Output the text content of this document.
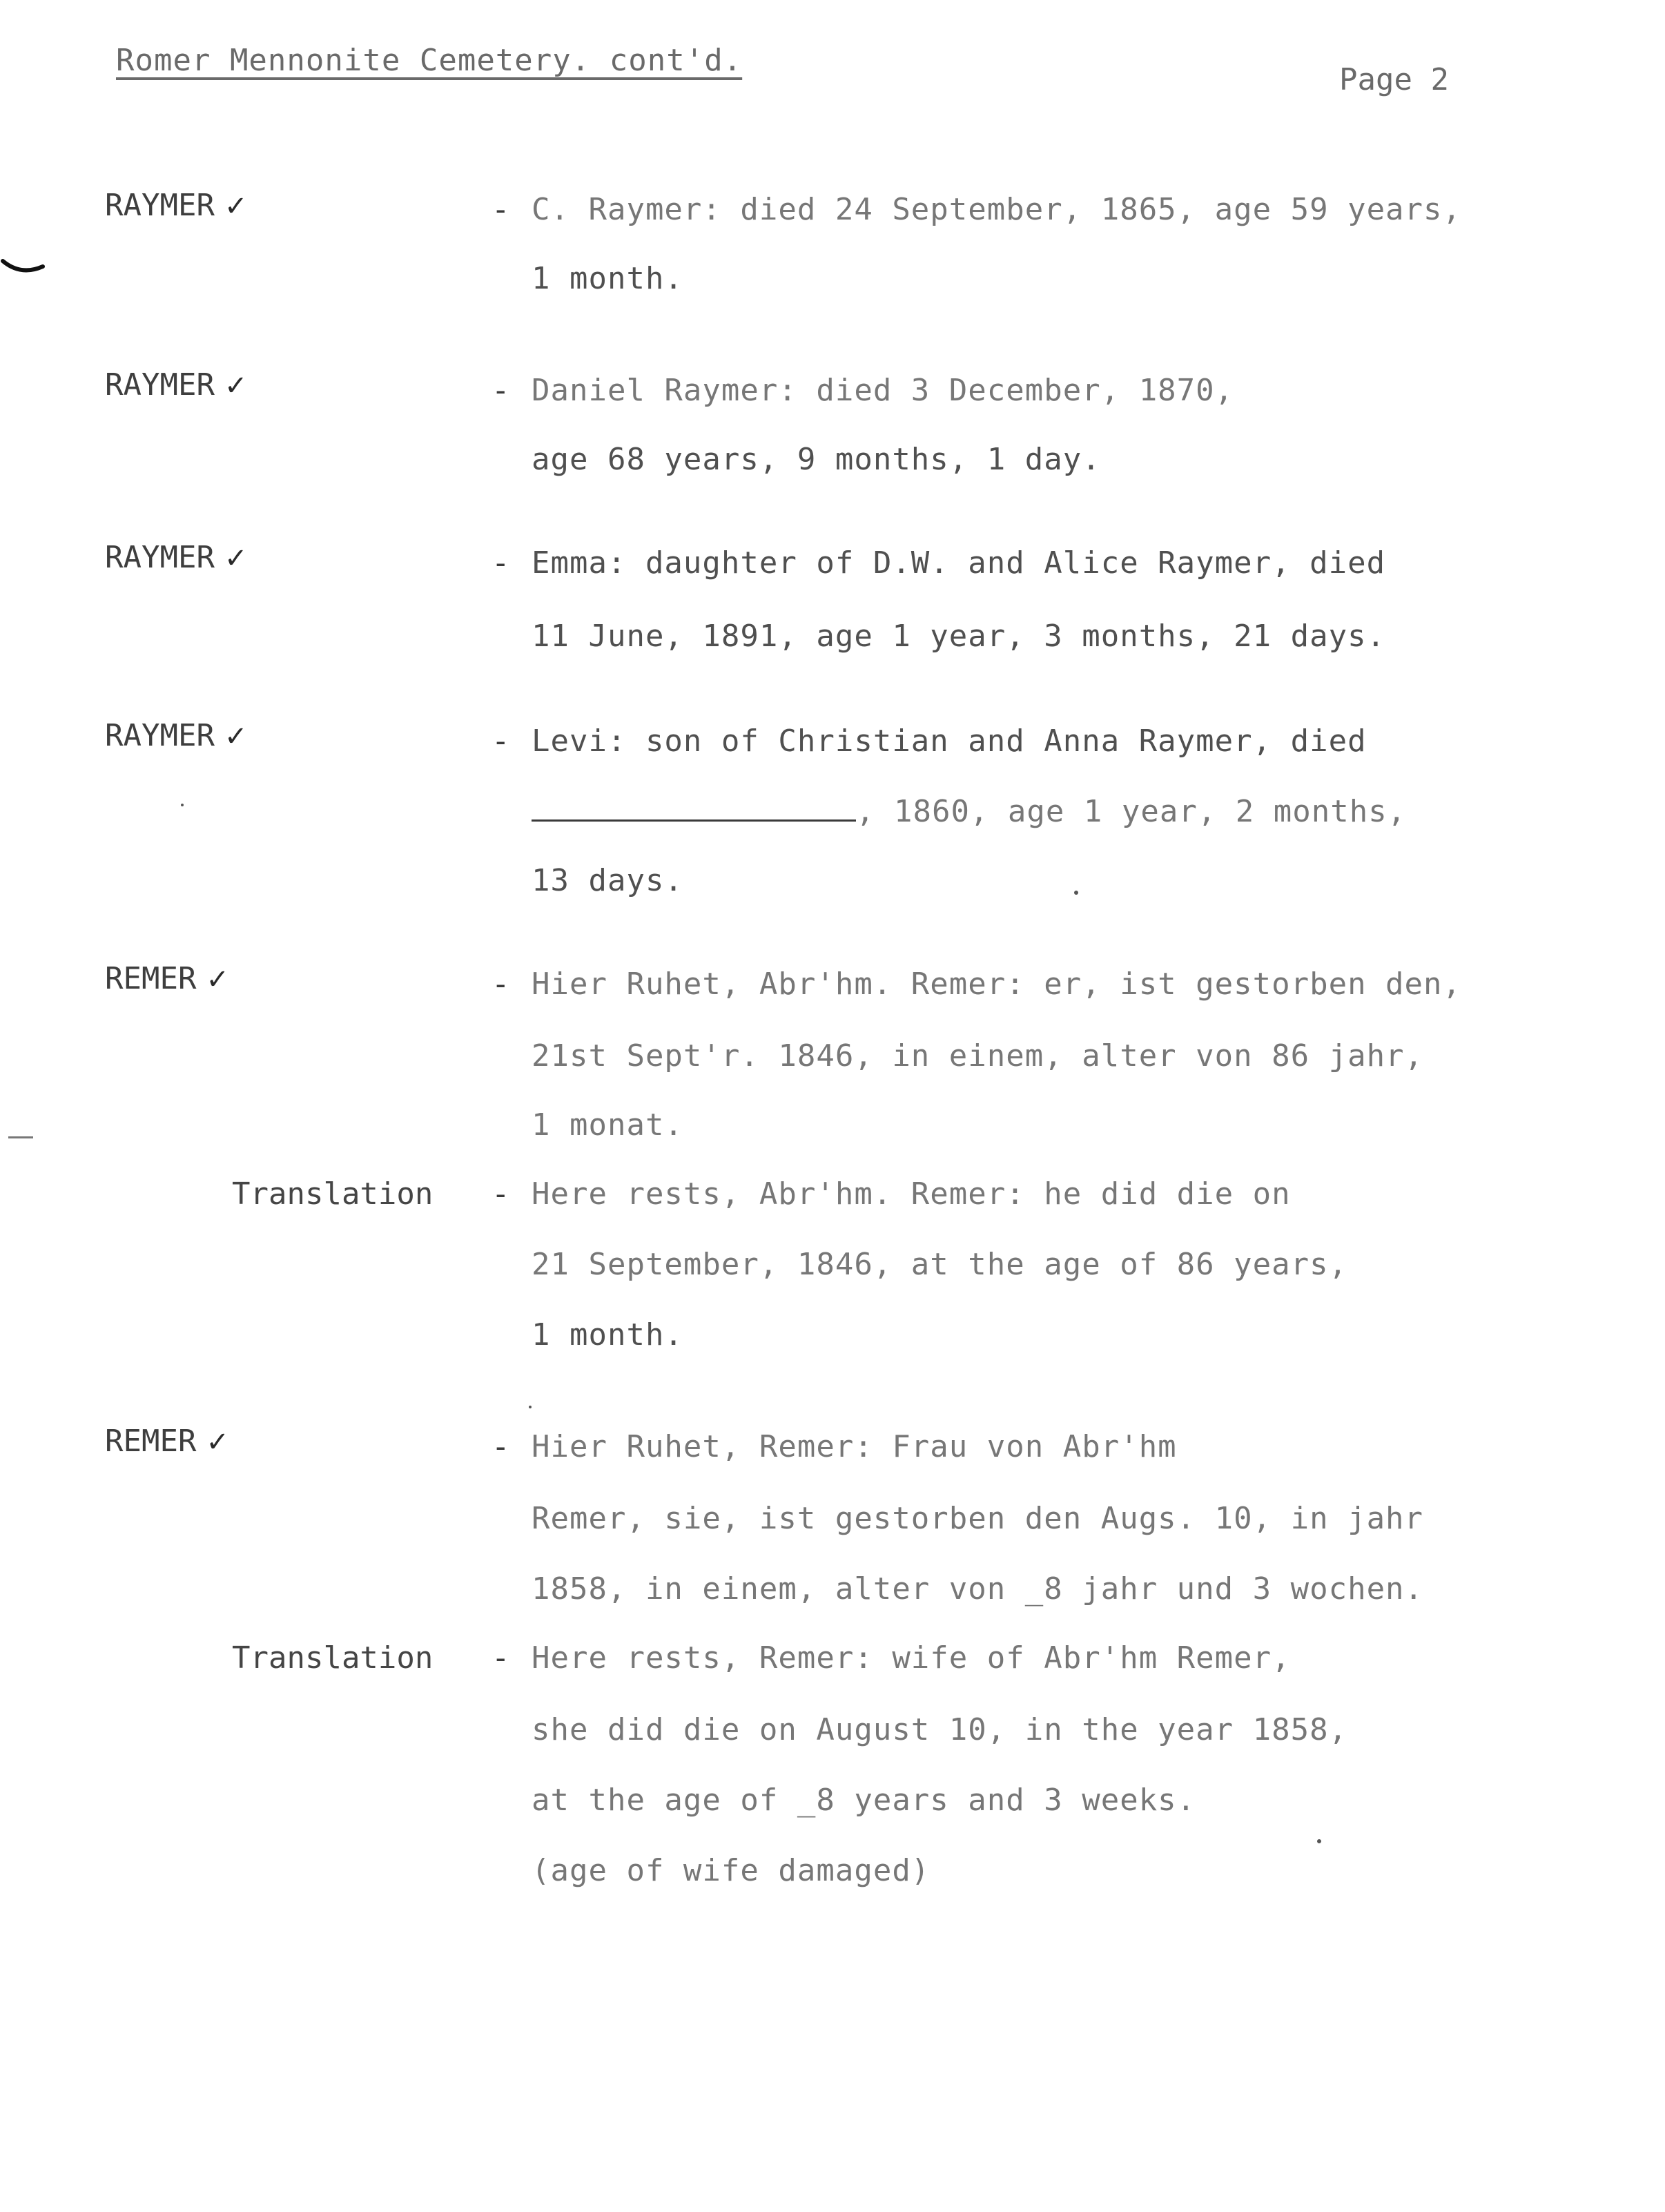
Romer Mennonite Cemetery. cont'd.
Page 2
RAYMER ✓	- C. Raymer: died 24 September, 1865, age 59 years,
1 month.
RAYMER ✓	- Daniel Raymer: died 3 December, 1870,
age 68 years, 9 months, 1 day.
RAYMER ✓	- Emma: daughter of D.W. and Alice Raymer, died
11 June, 1891, age 1 year, 3 months, 21 days.
RAYMER ✓	- Levi: son of Christian and Anna Raymer, died
, 1860, age 1 year, 2 months,
13 days.
REMER ✓	- Hier Ruhet, Abr'hm. Remer: er, ist gestorben den,
21st Sept'r. 1846, in einem, alter von 86 jahr,
1 monat.
Translation - Here rests, Abr'hm. Remer: he did die on
21 September, 1846, at the age of 86 years,
1 month.
REMER ✓	- Hier Ruhet, Remer: Frau von Abr'hm
Remer, sie, ist gestorben den Augs. 10, in jahr
1858, in einem, alter von _8 jahr und 3 wochen.
Translation - Here rests, Remer: wife of Abr'hm Remer,
she did die on August 10, in the year 1858,
at the age of _8 years and 3 weeks.
(age of wife damaged)
